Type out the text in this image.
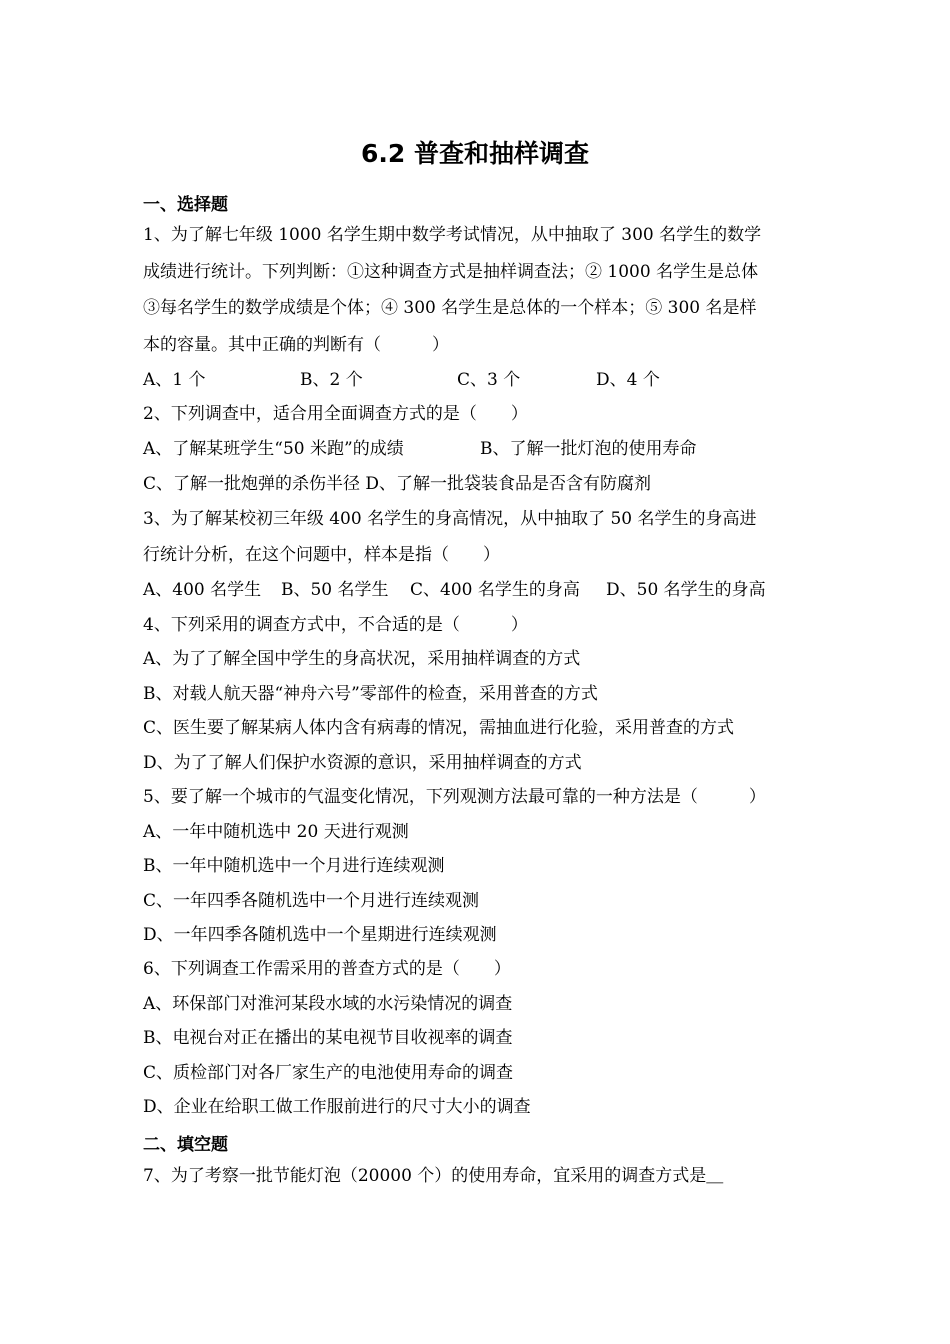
6.2 普查和抽样调查
一、选择题
1、为了解七年级 1000 名学生期中数学考试情况，从中抽取了 300 名学生的数学
成绩进行统计。下列判断：①这种调查方式是抽样调查法；② 1000 名学生是总体
③每名学生的数学成绩是个体；④ 300 名学生是总体的一个样本；⑤ 300 名是样
本的容量。其中正确的判断有（　　　）
A、1 个	B、2 个	C、3 个	D、4 个
2、下列调查中，适合用全面调查方式的是（　　）
A、了解某班学生“50 米跑”的成绩	B、了解一批灯泡的使用寿命
C、了解一批炮弹的杀伤半径 D、了解一批袋装食品是否含有防腐剂
3、为了解某校初三年级 400 名学生的身高情况，从中抽取了 50 名学生的身高进
行统计分析，在这个问题中，样本是指（　　）
A、400 名学生 B、50 名学生 C、400 名学生的身高 D、50 名学生的身高
4、下列采用的调查方式中，不合适的是（　　　）
A、为了了解全国中学生的身高状况，采用抽样调查的方式
B、对载人航天器“神舟六号”零部件的检查，采用普查的方式
C、医生要了解某病人体内含有病毒的情况，需抽血进行化验，采用普查的方式
D、为了了解人们保护水资源的意识，采用抽样调查的方式
5、要了解一个城市的气温变化情况，下列观测方法最可靠的一种方法是（　　　）
A、一年中随机选中 20 天进行观测
B、一年中随机选中一个月进行连续观测
C、一年四季各随机选中一个月进行连续观测
D、一年四季各随机选中一个星期进行连续观测
6、下列调查工作需采用的普查方式的是（　　）
A、环保部门对淮河某段水域的水污染情况的调查
B、电视台对正在播出的某电视节目收视率的调查
C、质检部门对各厂家生产的电池使用寿命的调查
D、企业在给职工做工作服前进行的尺寸大小的调查
二、填空题
7、为了考察一批节能灯泡（20000 个）的使用寿命，宜采用的调查方式是＿
